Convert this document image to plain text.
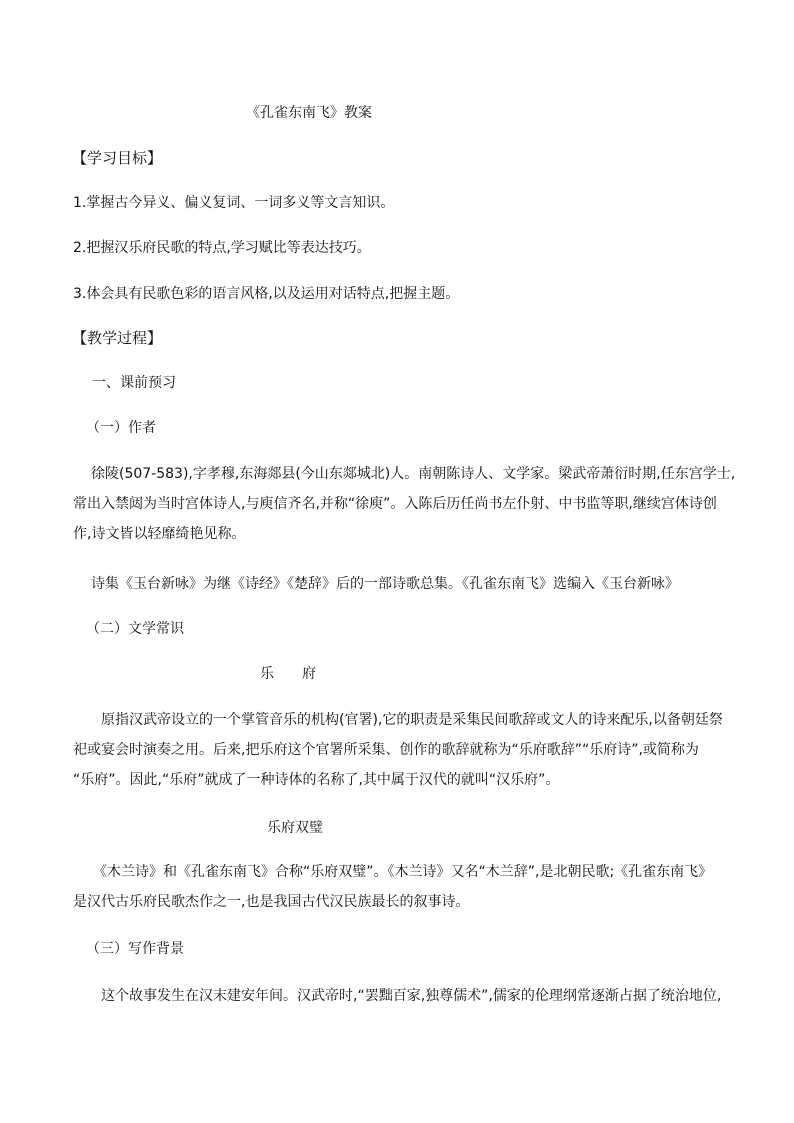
《孔雀东南飞》教案

【学习目标】

1.掌握古今异义、偏义复词、一词多义等文言知识。

2.把握汉乐府民歌的特点,学习赋比等表达技巧。

3.体会具有民歌色彩的语言风格,以及运用对话特点,把握主题。

【教学过程】

一、课前预习

（一）作者

徐陵(507-583),字孝穆,东海郯县(今山东郯城北)人。南朝陈诗人、文学家。梁武帝萧衍时期,任东宫学士,
常出入禁闼为当时宫体诗人,与庾信齐名,并称“徐庾”。入陈后历任尚书左仆射、中书监等职,继续宫体诗创
作,诗文皆以轻靡绮艳见称。

诗集《玉台新咏》为继《诗经》《楚辞》后的一部诗歌总集。《孔雀东南飞》选编入《玉台新咏》

（二）文学常识

乐　　府

原指汉武帝设立的一个掌管音乐的机构(官署),它的职责是采集民间歌辞或文人的诗来配乐,以备朝廷祭
祀或宴会时演奏之用。后来,把乐府这个官署所采集、创作的歌辞就称为“乐府歌辞”“乐府诗”,或简称为
“乐府”。因此,“乐府”就成了一种诗体的名称了,其中属于汉代的就叫“汉乐府”。

乐府双璧

《木兰诗》和《孔雀东南飞》合称“乐府双璧”。《木兰诗》又名“木兰辞”,是北朝民歌;《孔雀东南飞》
是汉代古乐府民歌杰作之一,也是我国古代汉民族最长的叙事诗。

（三）写作背景

这个故事发生在汉末建安年间。汉武帝时,“罢黜百家,独尊儒术”,儒家的伦理纲常逐渐占据了统治地位,
